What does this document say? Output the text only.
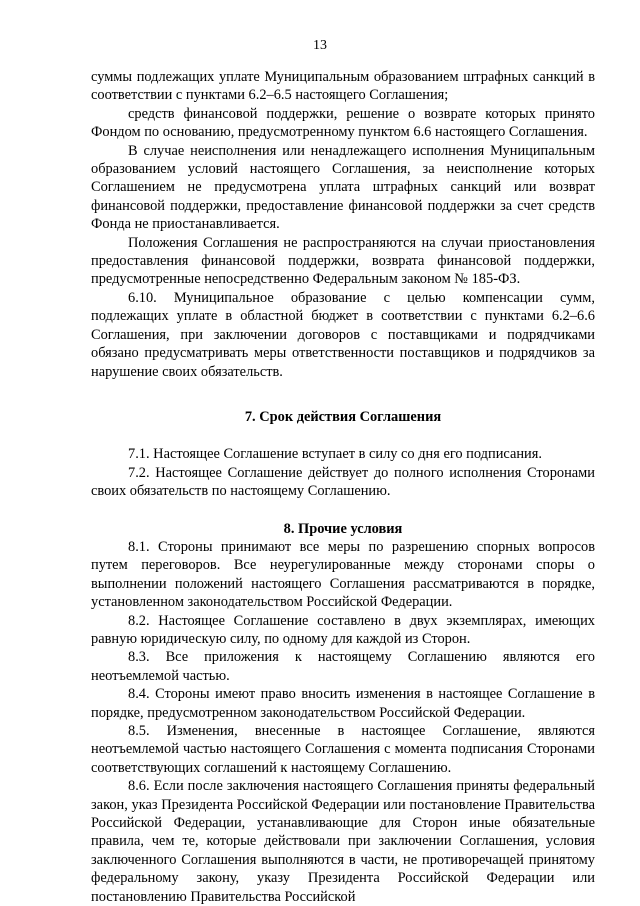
13

суммы подлежащих уплате Муниципальным образованием штрафных санкций в соответствии с пунктами 6.2–6.5 настоящего Соглашения;

средств финансовой поддержки, решение о возврате которых принято Фондом по основанию, предусмотренному пунктом 6.6 настоящего Соглашения.

В случае неисполнения или ненадлежащего исполнения Муниципальным образованием условий настоящего Соглашения, за неисполнение которых Соглашением не предусмотрена уплата штрафных санкций или возврат финансовой поддержки, предоставление финансовой поддержки за счет средств Фонда не приостанавливается.

Положения Соглашения не распространяются на случаи приостановления предоставления финансовой поддержки, возврата финансовой поддержки, предусмотренные непосредственно Федеральным законом № 185-ФЗ.

6.10. Муниципальное образование с целью компенсации сумм, подлежащих уплате в областной бюджет в соответствии с пунктами 6.2–6.6 Соглашения, при заключении договоров с поставщиками и подрядчиками обязано предусматривать меры ответственности поставщиков и подрядчиков за нарушение своих обязательств.

7. Срок действия Соглашения

7.1. Настоящее Соглашение вступает в силу со дня его подписания.

7.2. Настоящее Соглашение действует до полного исполнения Сторонами своих обязательств по настоящему Соглашению.

8. Прочие условия

8.1. Стороны принимают все меры по разрешению спорных вопросов путем переговоров. Все неурегулированные между сторонами споры о выполнении положений настоящего Соглашения рассматриваются в порядке, установленном законодательством Российской Федерации.

8.2. Настоящее Соглашение составлено в двух экземплярах, имеющих равную юридическую силу, по одному для каждой из Сторон.

8.3. Все приложения к настоящему Соглашению являются его неотъемлемой частью.

8.4. Стороны имеют право вносить изменения в настоящее Соглашение в порядке, предусмотренном законодательством Российской Федерации.

8.5. Изменения, внесенные в настоящее Соглашение, являются неотъемлемой частью настоящего Соглашения с момента подписания Сторонами соответствующих соглашений к настоящему Соглашению.

8.6. Если после заключения настоящего Соглашения приняты федеральный закон, указ Президента Российской Федерации или постановление Правительства Российской Федерации, устанавливающие для Сторон иные обязательные правила, чем те, которые действовали при заключении Соглашения, условия заключенного Соглашения выполняются в части, не противоречащей принятому федеральному закону, указу Президента Российской Федерации или постановлению Правительства Российской
